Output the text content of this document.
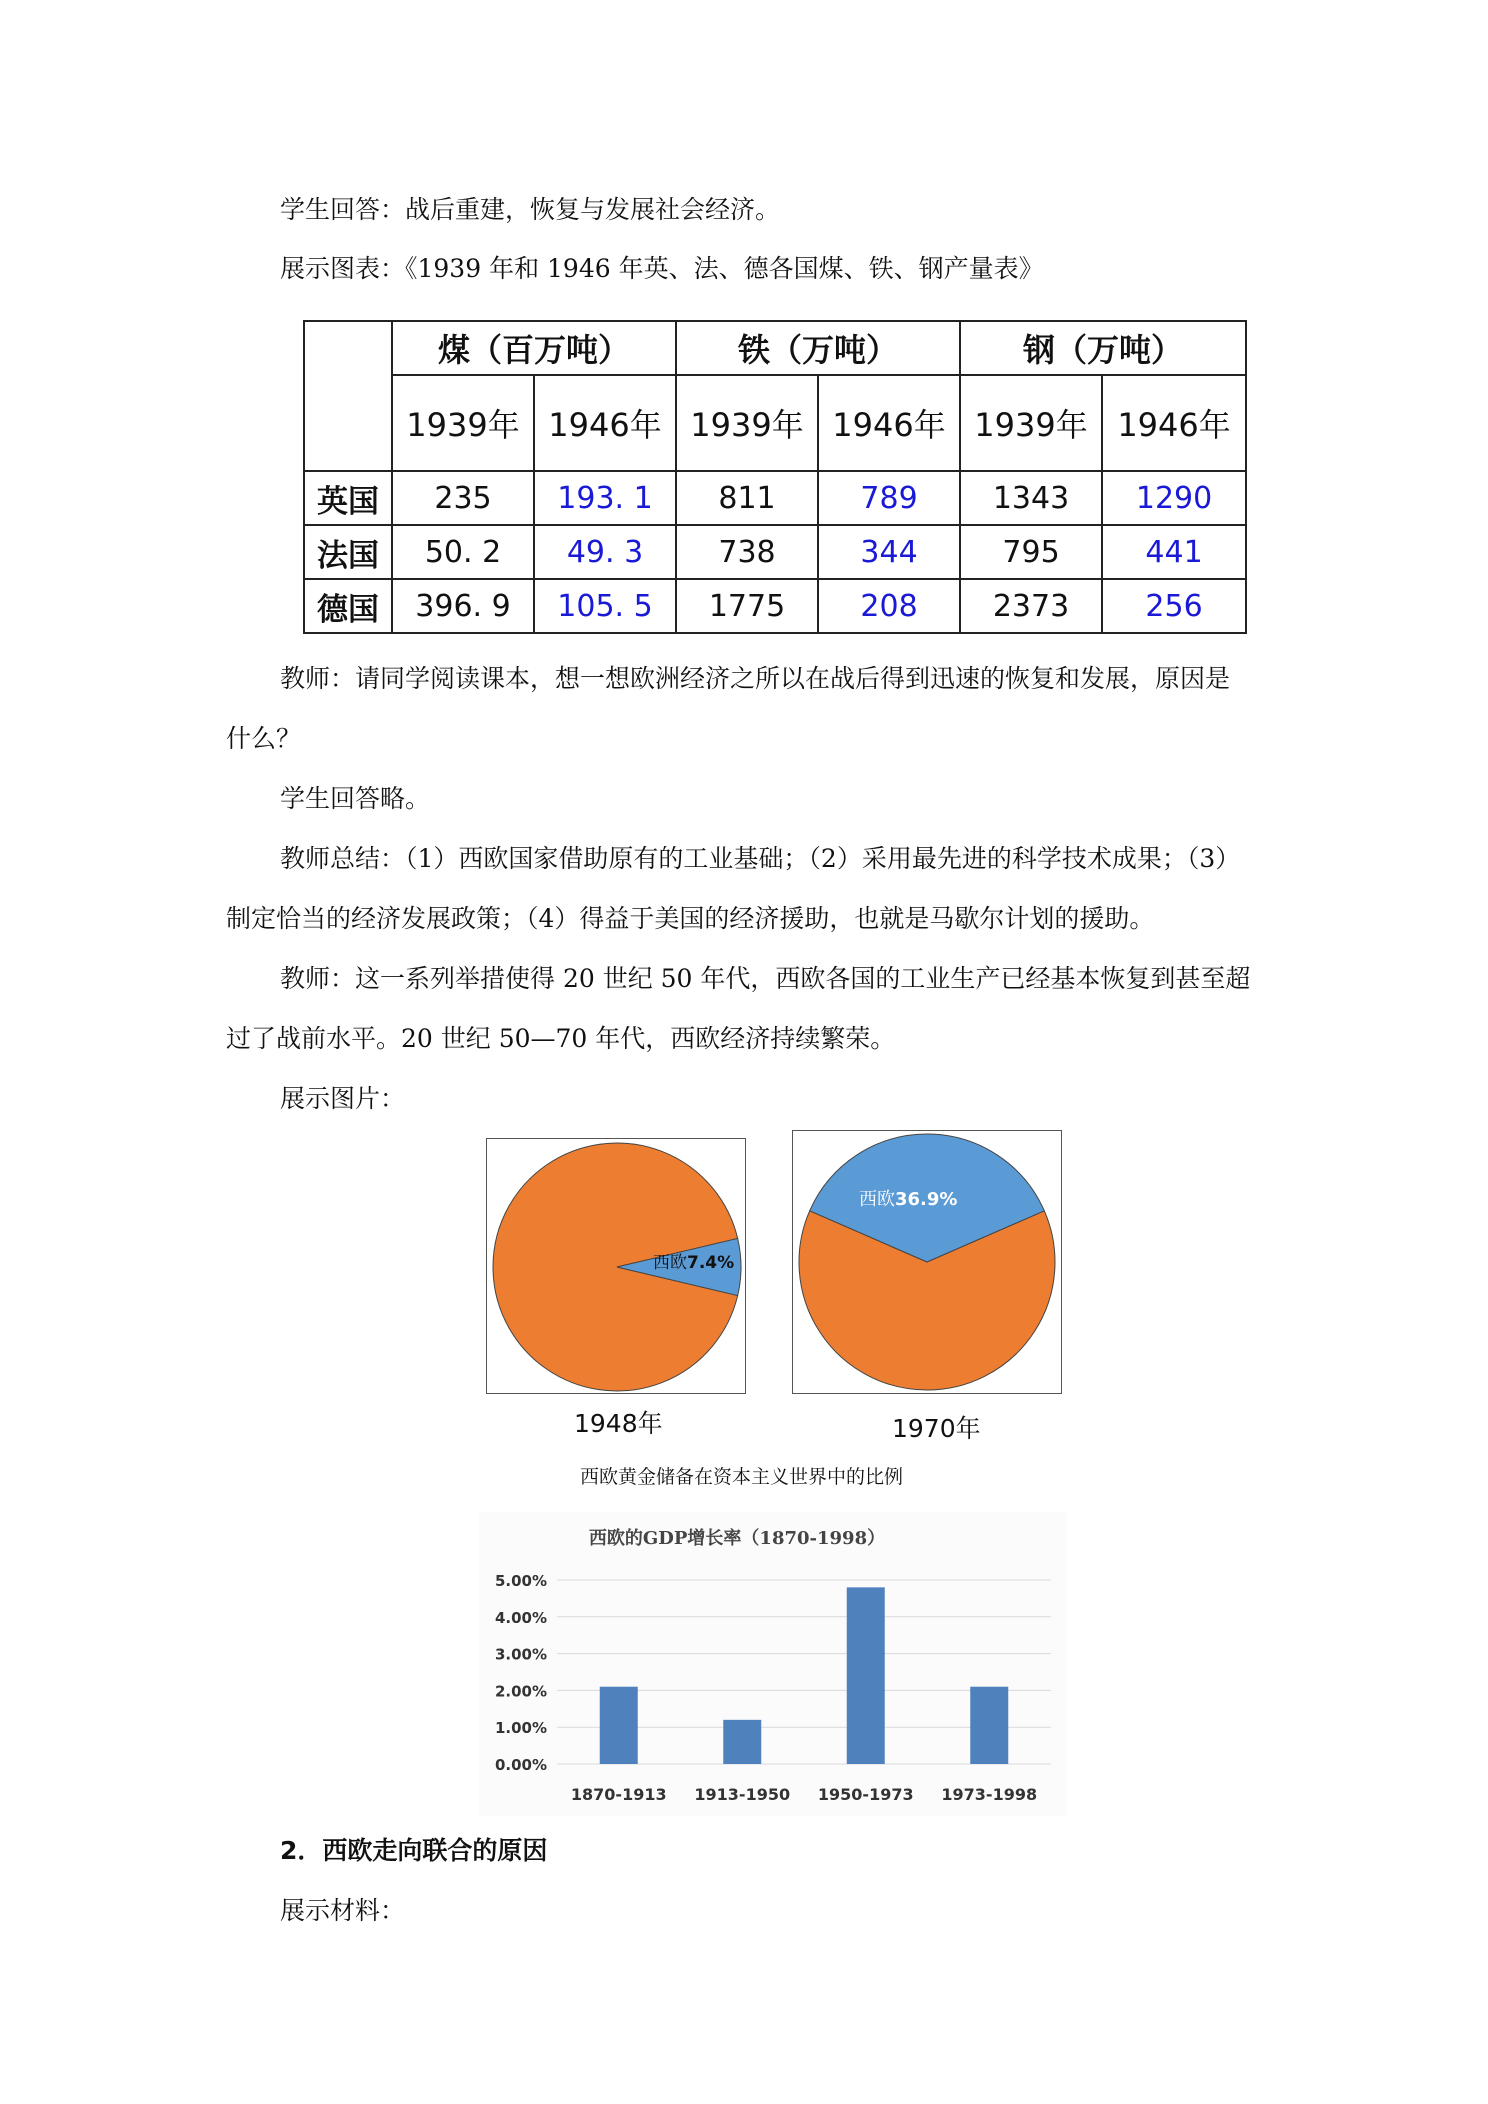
学生回答：战后重建，恢复与发展社会经济。
展示图表：《1939 年和 1946 年英、法、德各国煤、铁、钢产量表》
	煤（百万吨）		铁（万吨）		钢（万吨）	
	1939年	1946年	1939年	1946年	1939年	1946年
英国	235	193. 1	811	789	1343	1290
法国	50. 2	49. 3	738	344	795	441
德国	396. 9	105. 5	1775	208	2373	256
教师：请同学阅读课本，想一想欧洲经济之所以在战后得到迅速的恢复和发展，原因是
什么？
学生回答略。
教师总结：（1）西欧国家借助原有的工业基础；（2）采用最先进的科学技术成果；（3）
制定恰当的经济发展政策；（4）得益于美国的经济援助，也就是马歇尔计划的援助。
教师：这一系列举措使得 20 世纪 50 年代，西欧各国的工业生产已经基本恢复到甚至超
过了战前水平。20 世纪 50—70 年代，西欧经济持续繁荣。
展示图片：
西欧7.4%
1948年
西欧36.9%
1970年
西欧黄金储备在资本主义世界中的比例
西欧的GDP增长率（1870-1998）
0.00%
1.00%
2.00%
3.00%
4.00%
5.00%
1870-1913 1913-1950 1950-1973 1973-1998
2．西欧走向联合的原因
展示材料：
